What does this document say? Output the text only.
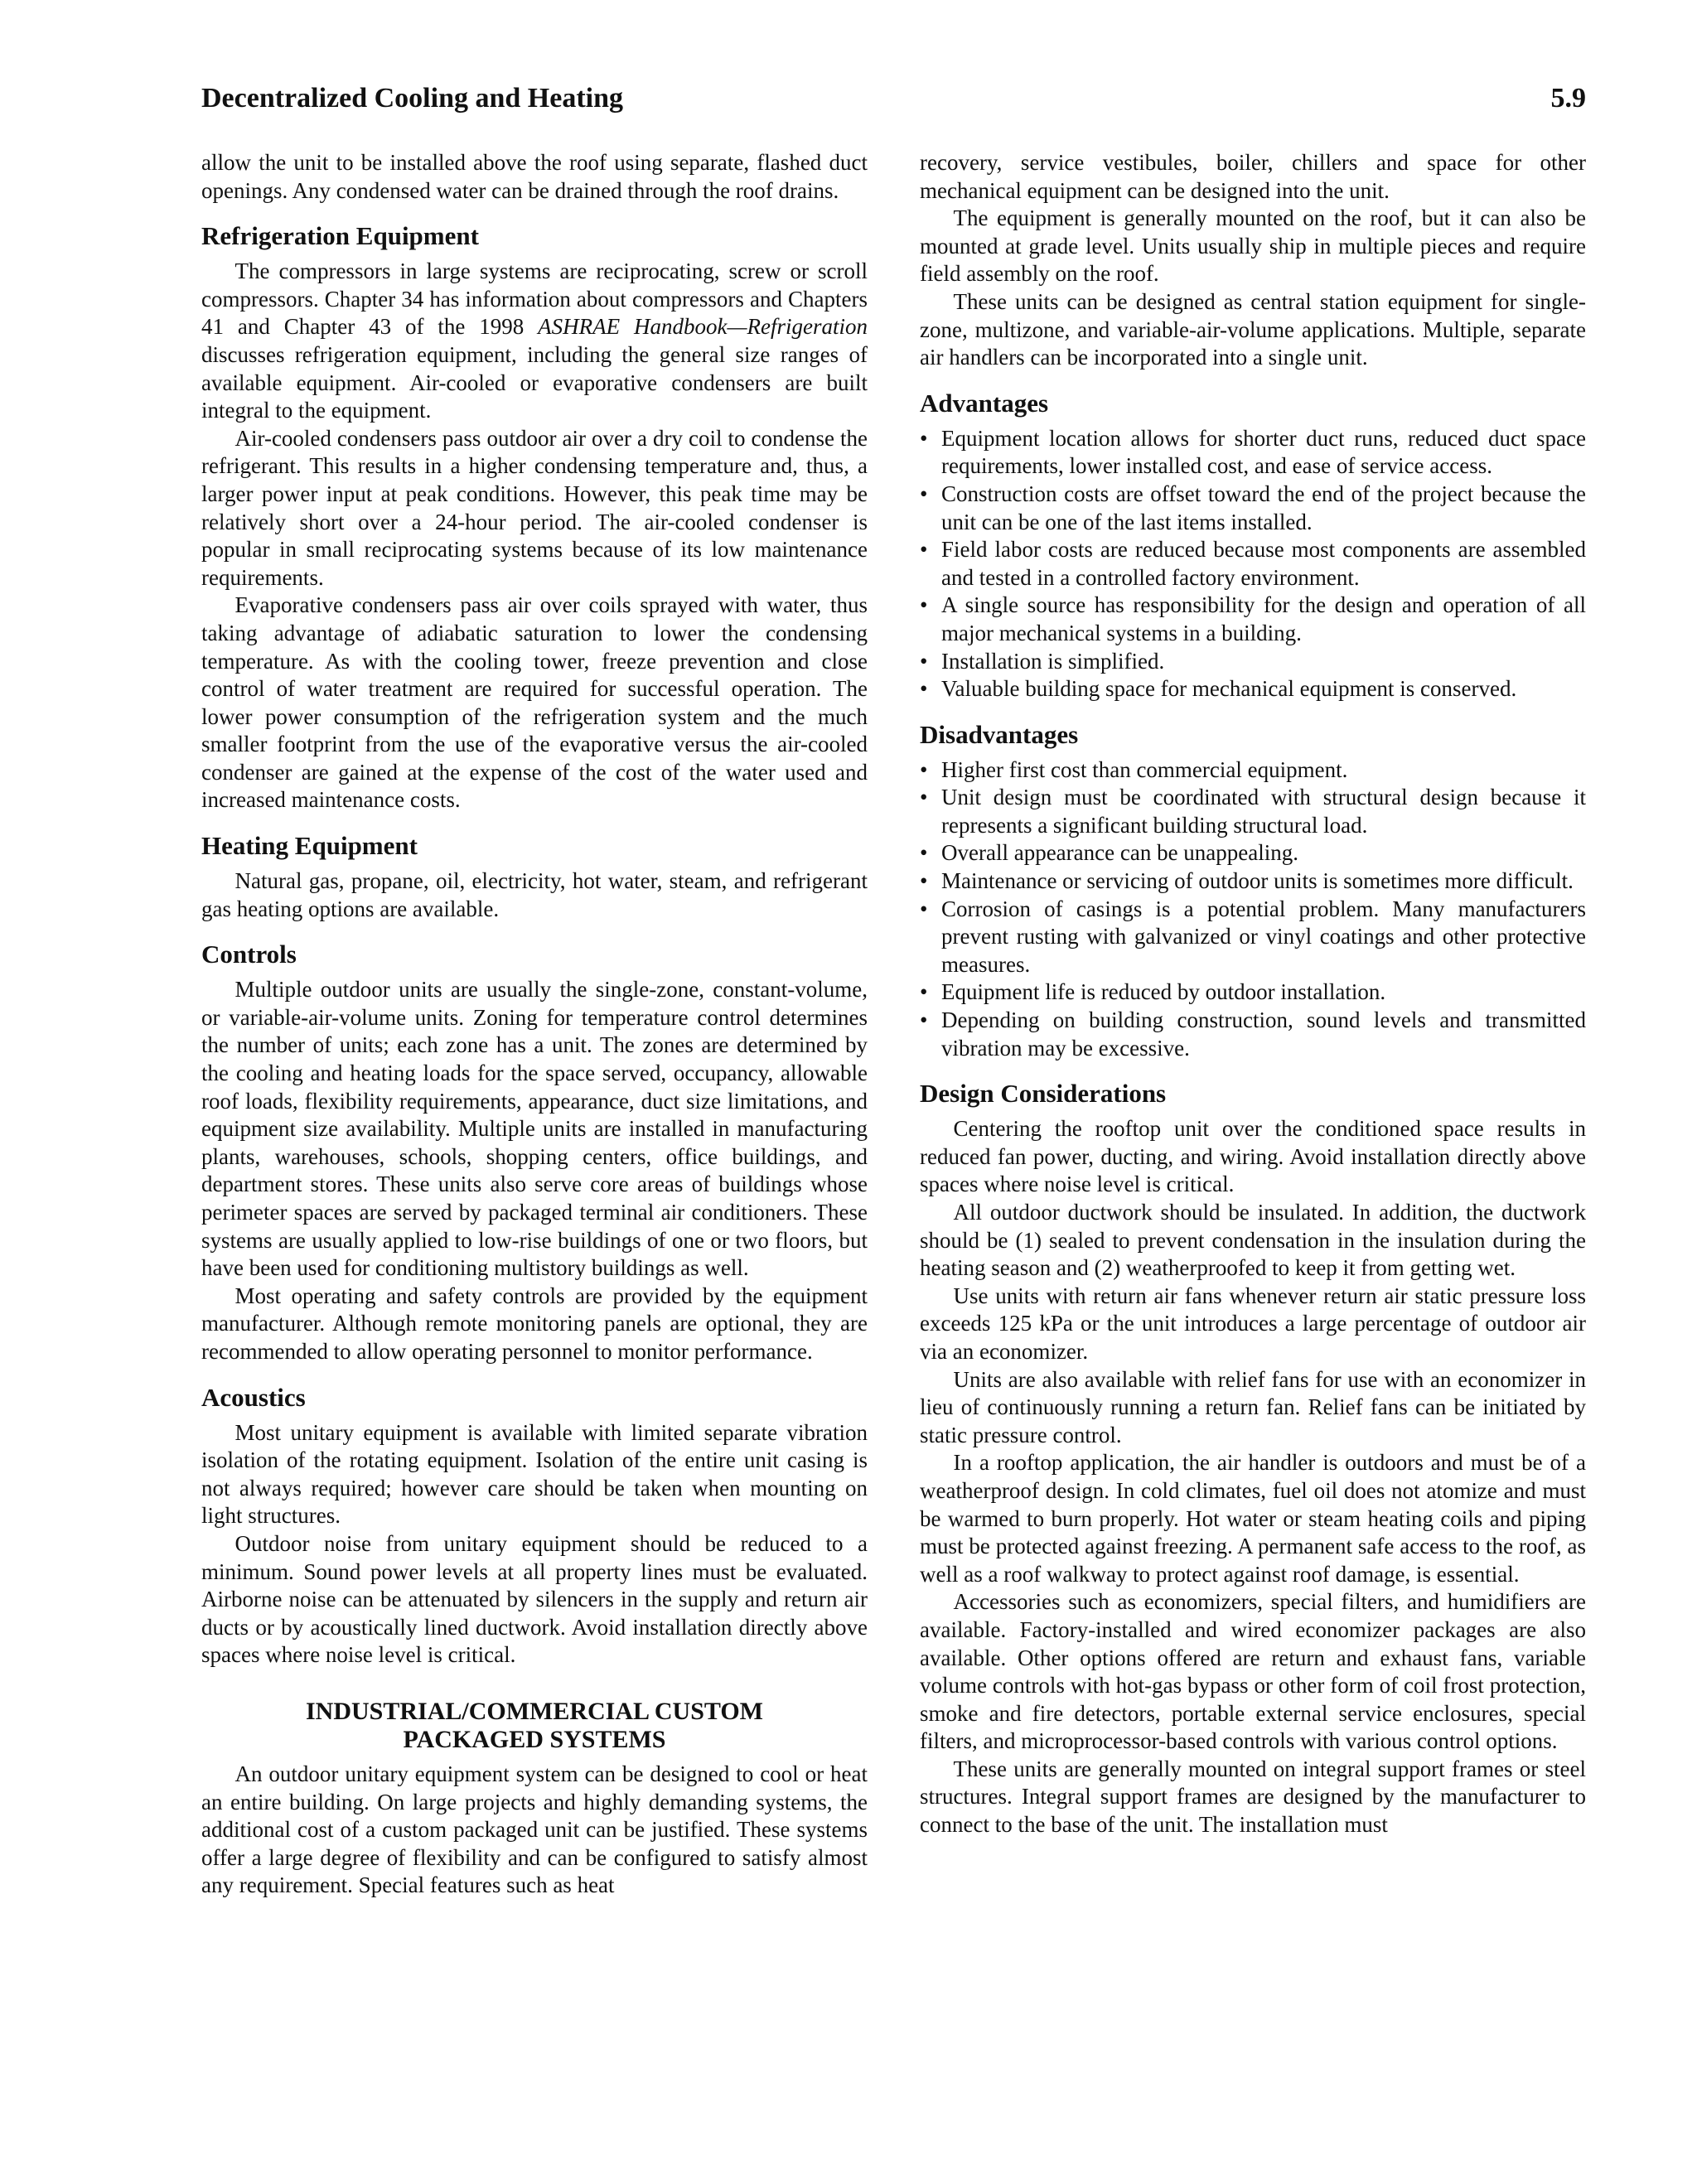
Decentralized Cooling and Heating	5.9

allow the unit to be installed above the roof using separate, flashed duct openings. Any condensed water can be drained through the roof drains.

Refrigeration Equipment

The compressors in large systems are reciprocating, screw or scroll compressors. Chapter 34 has information about compressors and Chapters 41 and Chapter 43 of the 1998 ASHRAE Handbook—Refrigeration discusses refrigeration equipment, including the general size ranges of available equipment. Air-cooled or evaporative condensers are built integral to the equipment.

Air-cooled condensers pass outdoor air over a dry coil to condense the refrigerant. This results in a higher condensing temperature and, thus, a larger power input at peak conditions. However, this peak time may be relatively short over a 24-hour period. The air-cooled condenser is popular in small reciprocating systems because of its low maintenance requirements.

Evaporative condensers pass air over coils sprayed with water, thus taking advantage of adiabatic saturation to lower the condensing temperature. As with the cooling tower, freeze prevention and close control of water treatment are required for successful operation. The lower power consumption of the refrigeration system and the much smaller footprint from the use of the evaporative versus the air-cooled condenser are gained at the expense of the cost of the water used and increased maintenance costs.

Heating Equipment

Natural gas, propane, oil, electricity, hot water, steam, and refrigerant gas heating options are available.

Controls

Multiple outdoor units are usually the single-zone, constant-volume, or variable-air-volume units. Zoning for temperature control determines the number of units; each zone has a unit. The zones are determined by the cooling and heating loads for the space served, occupancy, allowable roof loads, flexibility requirements, appearance, duct size limitations, and equipment size availability. Multiple units are installed in manufacturing plants, warehouses, schools, shopping centers, office buildings, and department stores. These units also serve core areas of buildings whose perimeter spaces are served by packaged terminal air conditioners. These systems are usually applied to low-rise buildings of one or two floors, but have been used for conditioning multistory buildings as well.

Most operating and safety controls are provided by the equipment manufacturer. Although remote monitoring panels are optional, they are recommended to allow operating personnel to monitor performance.

Acoustics

Most unitary equipment is available with limited separate vibration isolation of the rotating equipment. Isolation of the entire unit casing is not always required; however care should be taken when mounting on light structures.

Outdoor noise from unitary equipment should be reduced to a minimum. Sound power levels at all property lines must be evaluated. Airborne noise can be attenuated by silencers in the supply and return air ducts or by acoustically lined ductwork. Avoid installation directly above spaces where noise level is critical.

INDUSTRIAL/COMMERCIAL CUSTOM
PACKAGED SYSTEMS

An outdoor unitary equipment system can be designed to cool or heat an entire building. On large projects and highly demanding systems, the additional cost of a custom packaged unit can be justified. These systems offer a large degree of flexibility and can be configured to satisfy almost any requirement. Special features such as heat

recovery, service vestibules, boiler, chillers and space for other mechanical equipment can be designed into the unit.

The equipment is generally mounted on the roof, but it can also be mounted at grade level. Units usually ship in multiple pieces and require field assembly on the roof.

These units can be designed as central station equipment for single-zone, multizone, and variable-air-volume applications. Multiple, separate air handlers can be incorporated into a single unit.

Advantages
• Equipment location allows for shorter duct runs, reduced duct space requirements, lower installed cost, and ease of service access.
• Construction costs are offset toward the end of the project because the unit can be one of the last items installed.
• Field labor costs are reduced because most components are assembled and tested in a controlled factory environment.
• A single source has responsibility for the design and operation of all major mechanical systems in a building.
• Installation is simplified.
• Valuable building space for mechanical equipment is conserved.
Disadvantages
• Higher first cost than commercial equipment.
• Unit design must be coordinated with structural design because it represents a significant building structural load.
• Overall appearance can be unappealing.
• Maintenance or servicing of outdoor units is sometimes more difficult.
• Corrosion of casings is a potential problem. Many manufacturers prevent rusting with galvanized or vinyl coatings and other protective measures.
• Equipment life is reduced by outdoor installation.
• Depending on building construction, sound levels and transmitted vibration may be excessive.
Design Considerations

Centering the rooftop unit over the conditioned space results in reduced fan power, ducting, and wiring. Avoid installation directly above spaces where noise level is critical.

All outdoor ductwork should be insulated. In addition, the ductwork should be (1) sealed to prevent condensation in the insulation during the heating season and (2) weatherproofed to keep it from getting wet.

Use units with return air fans whenever return air static pressure loss exceeds 125 kPa or the unit introduces a large percentage of outdoor air via an economizer.

Units are also available with relief fans for use with an economizer in lieu of continuously running a return fan. Relief fans can be initiated by static pressure control.

In a rooftop application, the air handler is outdoors and must be of a weatherproof design. In cold climates, fuel oil does not atomize and must be warmed to burn properly. Hot water or steam heating coils and piping must be protected against freezing. A permanent safe access to the roof, as well as a roof walkway to protect against roof damage, is essential.

Accessories such as economizers, special filters, and humidifiers are available. Factory-installed and wired economizer packages are also available. Other options offered are return and exhaust fans, variable volume controls with hot-gas bypass or other form of coil frost protection, smoke and fire detectors, portable external service enclosures, special filters, and microprocessor-based controls with various control options.

These units are generally mounted on integral support frames or steel structures. Integral support frames are designed by the manufacturer to connect to the base of the unit. The installation must
